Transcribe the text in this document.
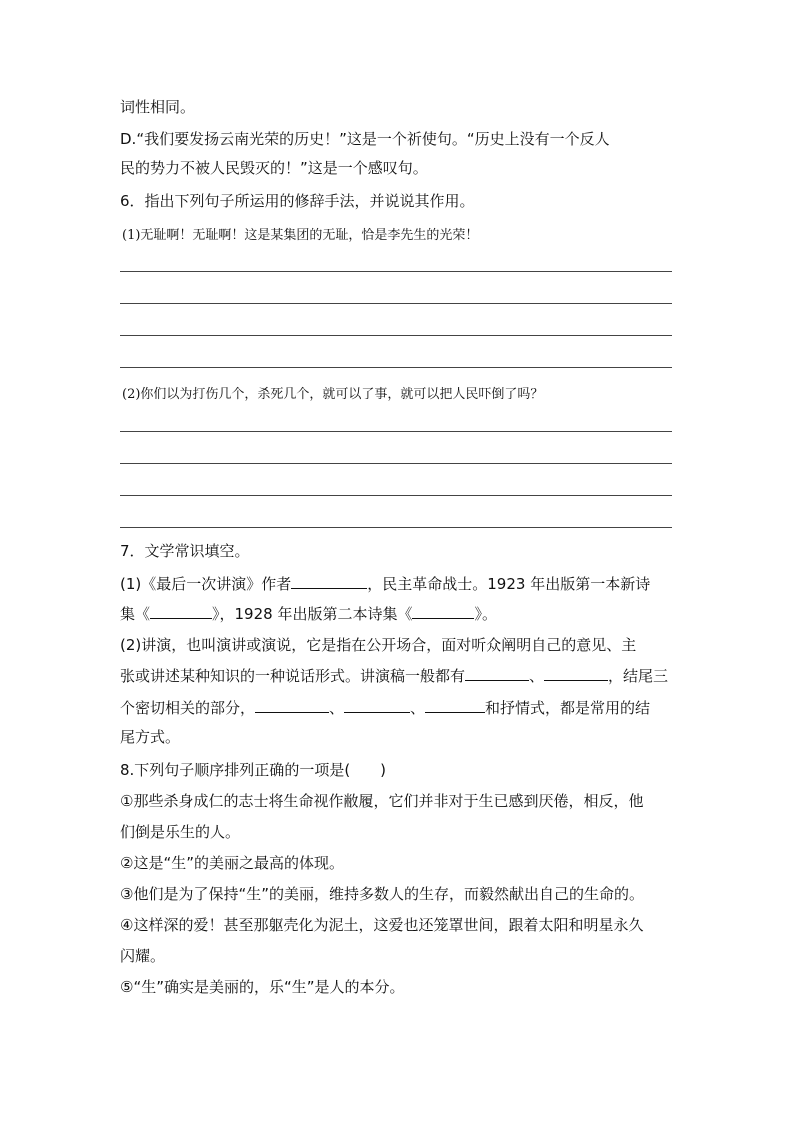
词性相同。
D.“我们要发扬云南光荣的历史！”这是一个祈使句。“历史上没有一个反人
民的势力不被人民毁灭的！”这是一个感叹句。
6．指出下列句子所运用的修辞手法，并说说其作用。
(1)无耻啊！无耻啊！这是某集团的无耻，恰是李先生的光荣！
(2)你们以为打伤几个，杀死几个，就可以了事，就可以把人民吓倒了吗？
7．文学常识填空。
(1)《最后一次讲演》作者	，民主革命战士。1923 年出版第一本新诗
集《	》，1928 年出版第二本诗集《	》。
(2)讲演，也叫演讲或演说，它是指在公开场合，面对听众阐明自己的意见、主
张或讲述某种知识的一种说话形式。讲演稿一般都有	、	，结尾三
个密切相关的部分，	、	、	和抒情式，都是常用的结
尾方式。
8.下列句子顺序排列正确的一项是(　　)
①那些杀身成仁的志士将生命视作敝履，它们并非对于生已感到厌倦，相反，他
们倒是乐生的人。
②这是“生”的美丽之最高的体现。
③他们是为了保持“生”的美丽，维持多数人的生存，而毅然献出自己的生命的。
④这样深的爱！甚至那躯壳化为泥土，这爱也还笼罩世间，跟着太阳和明星永久
闪耀。
⑤“生”确实是美丽的，乐“生”是人的本分。
